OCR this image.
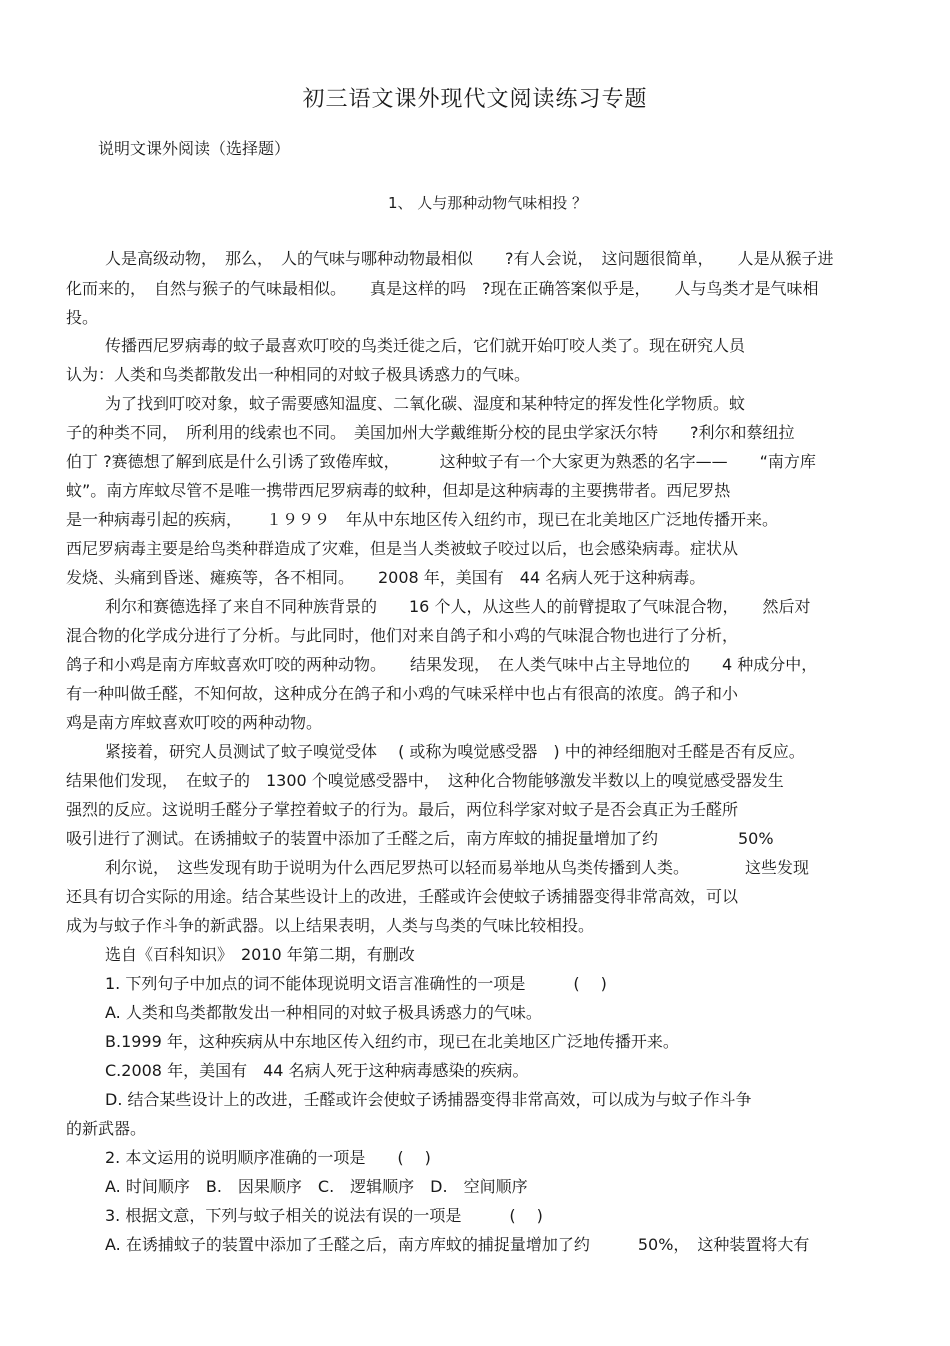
初三语文课外现代文阅读练习专题
说明文课外阅读（选择题）
1、 人与那种动物气味相投 ？
人是高级动物，　那么，　人的气味与哪种动物最相似　　?有人会说，　这问题很简单，　　人是从猴子进
化而来的，　自然与猴子的气味最相似。　　真是这样的吗　?现在正确答案似乎是，　　人与鸟类才是气味相
投。
传播西尼罗病毒的蚊子最喜欢叮咬的鸟类迁徙之后，它们就开始叮咬人类了。现在研究人员
认为：人类和鸟类都散发出一种相同的对蚊子极具诱惑力的气味。
为了找到叮咬对象，蚊子需要感知温度、二氧化碳、湿度和某种特定的挥发性化学物质。蚊
子的种类不同，　所利用的线索也不同。　美国加州大学戴维斯分校的昆虫学家沃尔特　　?利尔和蔡纽拉
伯丁 ?赛德想了解到底是什么引诱了致倦库蚊，　　　这种蚊子有一个大家更为熟悉的名字——　　“南方库
蚊”。南方库蚊尽管不是唯一携带西尼罗病毒的蚊种，但却是这种病毒的主要携带者。西尼罗热
是一种病毒引起的疾病，　　１９９９　年从中东地区传入纽约市，现已在北美地区广泛地传播开来。
西尼罗病毒主要是给鸟类种群造成了灾难，但是当人类被蚊子咬过以后，也会感染病毒。症状从
发烧、头痛到昏迷、瘫痪等，各不相同。　　2008 年，美国有　44 名病人死于这种病毒。
利尔和赛德选择了来自不同种族背景的　　16 个人，从这些人的前臂提取了气味混合物，　　然后对
混合物的化学成分进行了分析。与此同时，他们对来自鸽子和小鸡的气味混合物也进行了分析，
鸽子和小鸡是南方库蚊喜欢叮咬的两种动物。　　结果发现，　在人类气味中占主导地位的　　4 种成分中，
有一种叫做壬醛，不知何故，这种成分在鸽子和小鸡的气味采样中也占有很高的浓度。鸽子和小
鸡是南方库蚊喜欢叮咬的两种动物。
紧接着，研究人员测试了蚊子嗅觉受体　 ( 或称为嗅觉感受器　) 中的神经细胞对壬醛是否有反应。
结果他们发现，　在蚊子的　1300 个嗅觉感受器中，　这种化合物能够激发半数以上的嗅觉感受器发生
强烈的反应。这说明壬醛分子掌控着蚊子的行为。最后，两位科学家对蚊子是否会真正为壬醛所
吸引进行了测试。在诱捕蚊子的装置中添加了壬醛之后，南方库蚊的捕捉量增加了约　　　　　50%
利尔说，　这些发现有助于说明为什么西尼罗热可以轻而易举地从鸟类传播到人类。　　　　这些发现
还具有切合实际的用途。结合某些设计上的改进，壬醛或许会使蚊子诱捕器变得非常高效，可以
成为与蚊子作斗争的新武器。以上结果表明，人类与鸟类的气味比较相投。
选自《百科知识》　2010 年第二期，有删改
1. 下列句子中加点的词不能体现说明文语言准确性的一项是　　　(　 )
A. 人类和鸟类都散发出一种相同的对蚊子极具诱惑力的气味。
B.1999 年，这种疾病从中东地区传入纽约市，现已在北美地区广泛地传播开来。
C.2008 年，美国有　44 名病人死于这种病毒感染的疾病。
D. 结合某些设计上的改进，壬醛或许会使蚊子诱捕器变得非常高效，可以成为与蚊子作斗争
的新武器。
2. 本文运用的说明顺序准确的一项是　　(　 )
A. 时间顺序　B.　因果顺序　C.　逻辑顺序　D.　空间顺序
3. 根据文意，下列与蚊子相关的说法有误的一项是　　　(　 )
A. 在诱捕蚊子的装置中添加了壬醛之后，南方库蚊的捕捉量增加了约　　　50%，　这种装置将大有
